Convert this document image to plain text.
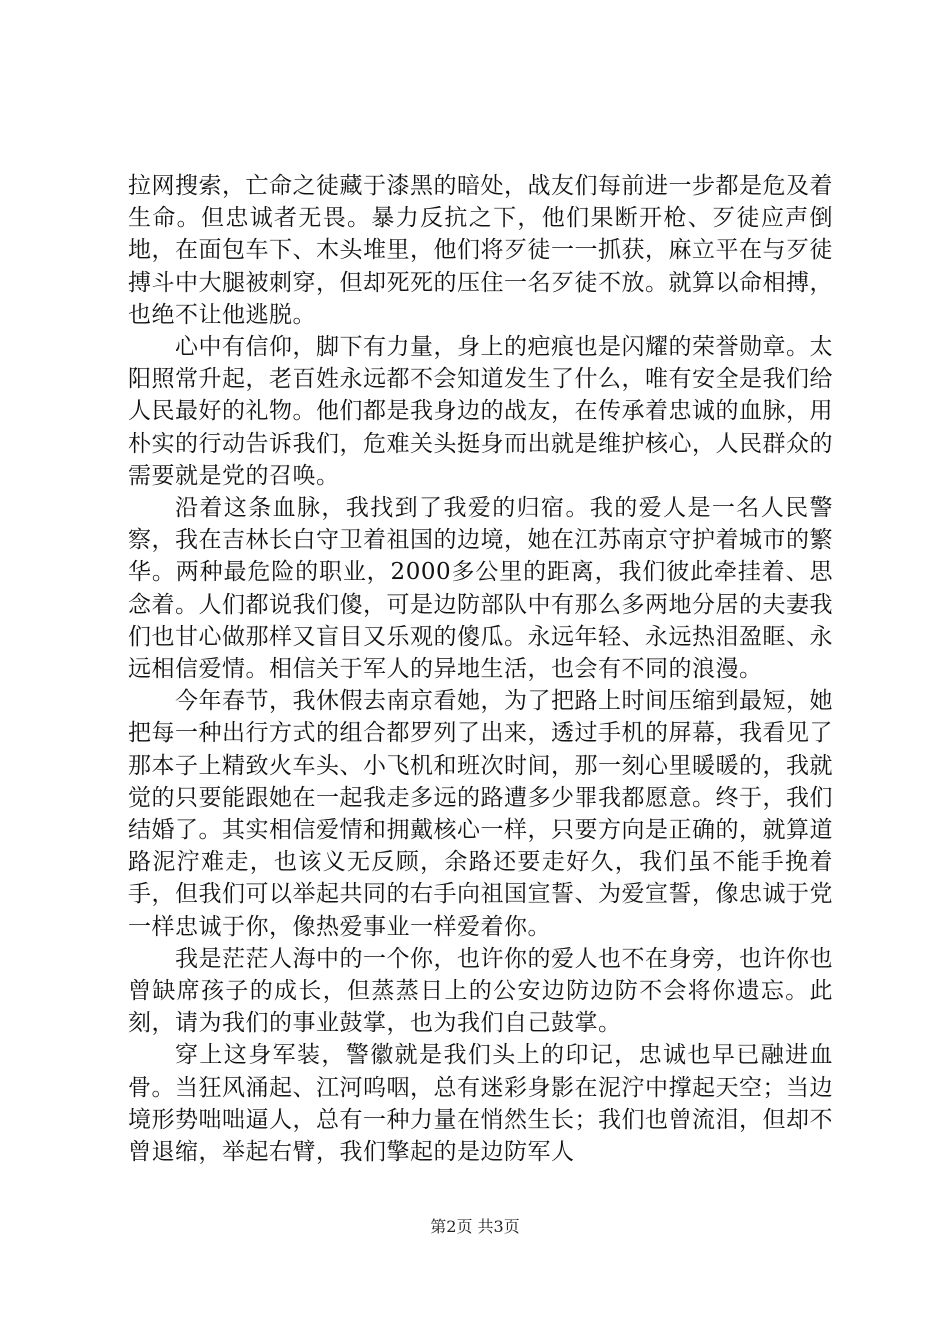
拉网搜索，亡命之徒藏于漆黑的暗处，战友们每前进一步都是危及着生命。但忠诚者无畏。暴力反抗之下，他们果断开枪、歹徒应声倒地，在面包车下、木头堆里，他们将歹徒一一抓获，麻立平在与歹徒搏斗中大腿被刺穿，但却死死的压住一名歹徒不放。就算以命相搏，也绝不让他逃脱。

心中有信仰，脚下有力量，身上的疤痕也是闪耀的荣誉勋章。太阳照常升起，老百姓永远都不会知道发生了什么，唯有安全是我们给人民最好的礼物。他们都是我身边的战友，在传承着忠诚的血脉，用朴实的行动告诉我们，危难关头挺身而出就是维护核心，人民群众的需要就是党的召唤。

沿着这条血脉，我找到了我爱的归宿。我的爱人是一名人民警察，我在吉林长白守卫着祖国的边境，她在江苏南京守护着城市的繁华。两种最危险的职业，2000多公里的距离，我们彼此牵挂着、思念着。人们都说我们傻，可是边防部队中有那么多两地分居的夫妻我们也甘心做那样又盲目又乐观的傻瓜。永远年轻、永远热泪盈眶、永远相信爱情。相信关于军人的异地生活，也会有不同的浪漫。

今年春节，我休假去南京看她，为了把路上时间压缩到最短，她把每一种出行方式的组合都罗列了出来，透过手机的屏幕，我看见了那本子上精致火车头、小飞机和班次时间，那一刻心里暖暖的，我就觉的只要能跟她在一起我走多远的路遭多少罪我都愿意。终于，我们结婚了。其实相信爱情和拥戴核心一样，只要方向是正确的，就算道路泥泞难走，也该义无反顾，余路还要走好久，我们虽不能手挽着手，但我们可以举起共同的右手向祖国宣誓、为爱宣誓，像忠诚于党一样忠诚于你，像热爱事业一样爱着你。

我是茫茫人海中的一个你，也许你的爱人也不在身旁，也许你也曾缺席孩子的成长，但蒸蒸日上的公安边防边防不会将你遗忘。此刻，请为我们的事业鼓掌，也为我们自己鼓掌。

穿上这身军装，警徽就是我们头上的印记，忠诚也早已融进血骨。当狂风涌起、江河呜咽，总有迷彩身影在泥泞中撑起天空；当边境形势咄咄逼人，总有一种力量在悄然生长；我们也曾流泪，但却不曾退缩，举起右臂，我们擎起的是边防军人

第2页 共3页
